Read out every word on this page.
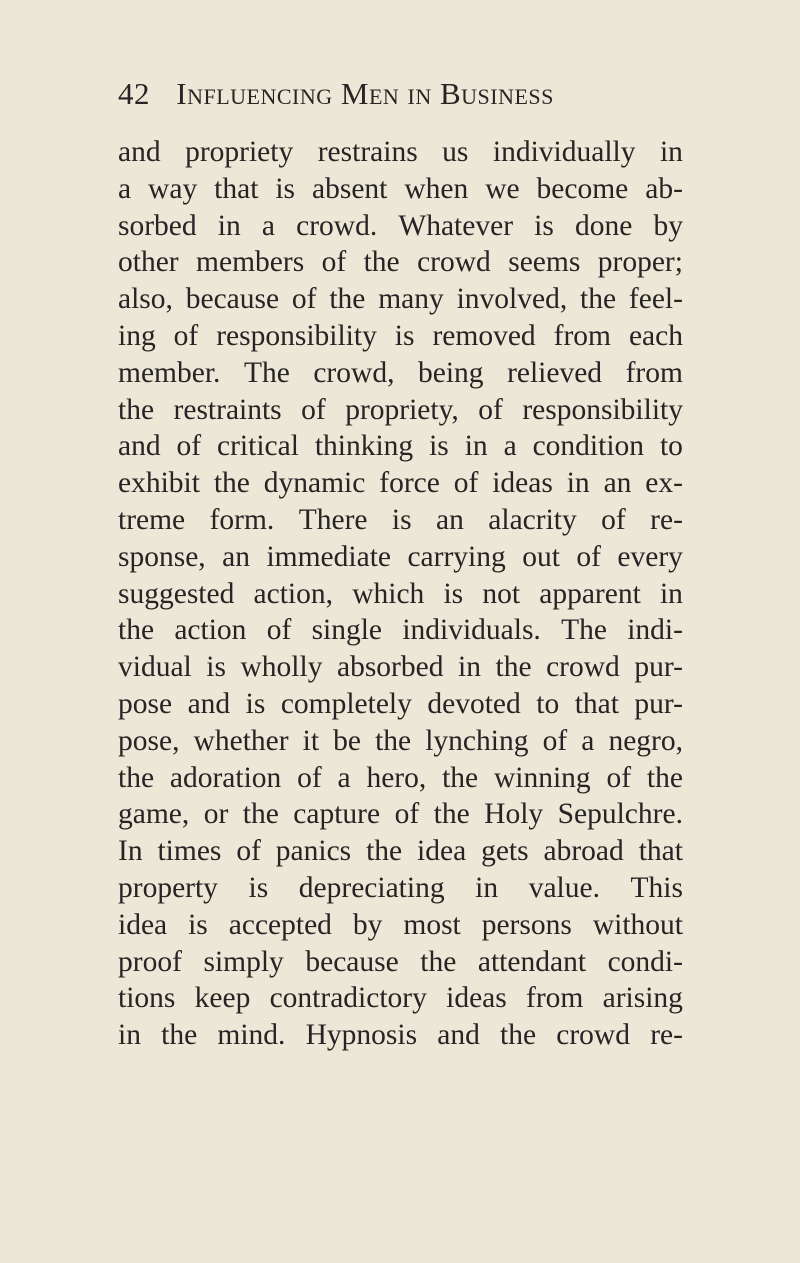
42 Influencing Men in Business
and propriety restrains us individually in
a way that is absent when we become ab-
sorbed in a crowd. Whatever is done by
other members of the crowd seems proper;
also, because of the many involved, the feel-
ing of responsibility is removed from each
member. The crowd, being relieved from
the restraints of propriety, of responsibility
and of critical thinking is in a condition to
exhibit the dynamic force of ideas in an ex-
treme form. There is an alacrity of re-
sponse, an immediate carrying out of every
suggested action, which is not apparent in
the action of single individuals. The indi-
vidual is wholly absorbed in the crowd pur-
pose and is completely devoted to that pur-
pose, whether it be the lynching of a negro,
the adoration of a hero, the winning of the
game, or the capture of the Holy Sepulchre.
In times of panics the idea gets abroad that
property is depreciating in value. This
idea is accepted by most persons without
proof simply because the attendant condi-
tions keep contradictory ideas from arising
in the mind. Hypnosis and the crowd re-
